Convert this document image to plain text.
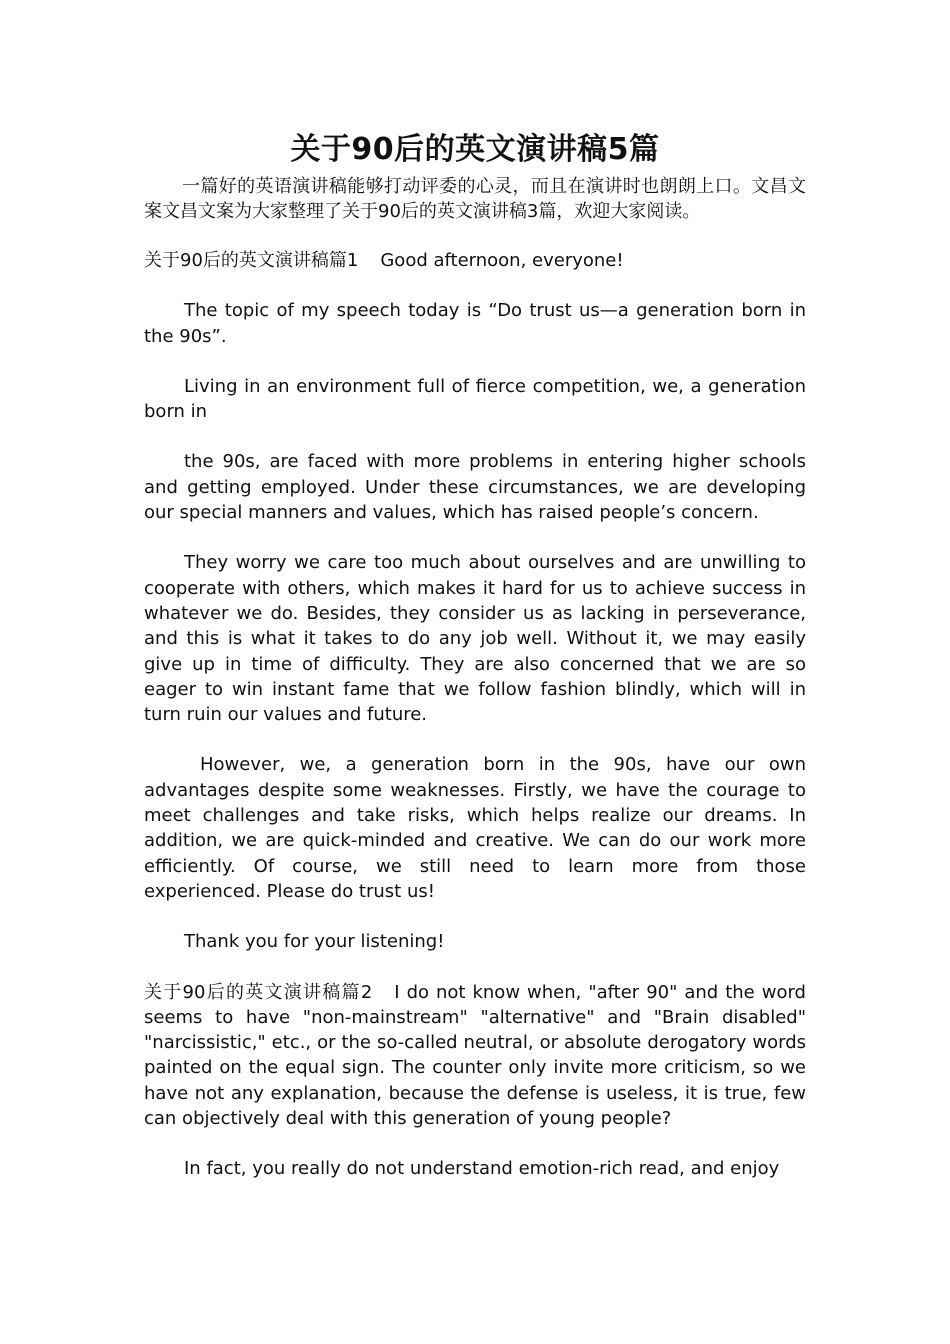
关于90后的英文演讲稿5篇

一篇好的英语演讲稿能够打动评委的心灵，而且在演讲时也朗朗上口。文昌文案文昌文案为大家整理了关于90后的英文演讲稿3篇，欢迎大家阅读。

关于90后的英文演讲稿篇1 Good afternoon, everyone!

The topic of my speech today is “Do trust us—a generation born in the 90s”.

Living in an environment full of fierce competition, we, a generation born in

the 90s, are faced with more problems in entering higher schools and getting employed. Under these circumstances, we are developing our special manners and values, which has raised people’s concern.

They worry we care too much about ourselves and are unwilling to cooperate with others, which makes it hard for us to achieve success in whatever we do. Besides, they consider us as lacking in perseverance, and this is what it takes to do any job well. Without it, we may easily give up in time of difficulty. They are also concerned that we are so eager to win instant fame that we follow fashion blindly, which will in turn ruin our values and future.

However, we, a generation born in the 90s, have our own advantages despite some weaknesses. Firstly, we have the courage to meet challenges and take risks, which helps realize our dreams. In addition, we are quick-minded and creative. We can do our work more efficiently. Of course, we still need to learn more from those experienced. Please do trust us!

Thank you for your listening!

关于90后的英文演讲稿篇2 I do not know when, "after 90" and the word seems to have "non-mainstream" "alternative" and "Brain disabled" "narcissistic," etc., or the so-called neutral, or absolute derogatory words painted on the equal sign. The counter only invite more criticism, so we have not any explanation, because the defense is useless, it is true, few can objectively deal with this generation of young people?

In fact, you really do not understand emotion-rich read, and enjoy
